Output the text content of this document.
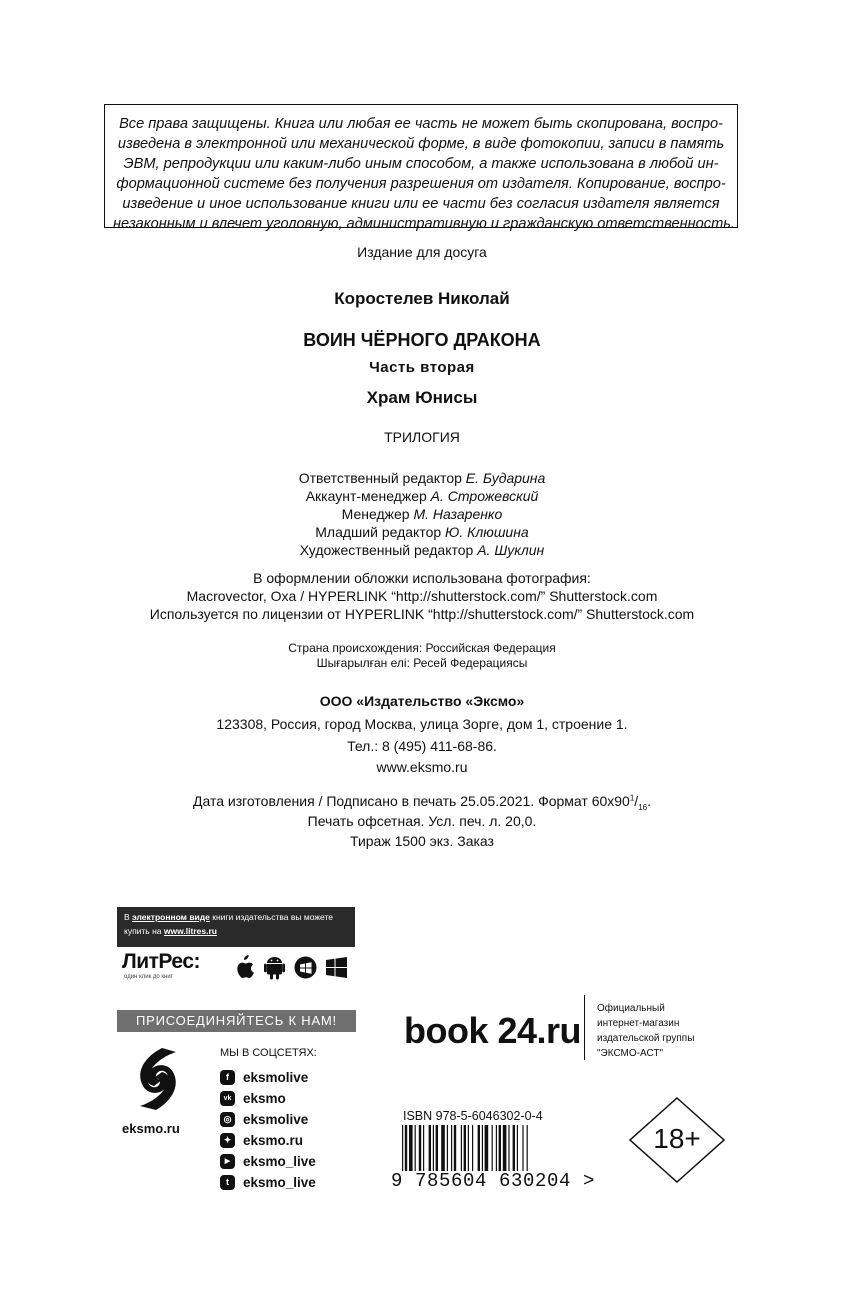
Все права защищены. Книга или любая ее часть не может быть скопирована, воспро-
изведена в электронной или механической форме, в виде фотокопии, записи в память
ЭВМ, репродукции или каким-либо иным способом, а также использована в любой ин-
формационной системе без получения разрешения от издателя. Копирование, воспро-
изведение и иное использование книги или ее части без согласия издателя является
незаконным и влечет уголовную, административную и гражданскую ответственность.
Издание для досуга
Коростелев Николай
ВОИН ЧЁРНОГО ДРАКОНА
Часть вторая
Храм Юнисы
ТРИЛОГИЯ
Ответственный редактор Е. Бударина
Аккаунт-менеджер А. Строжевский
Менеджер М. Назаренко
Младший редактор Ю. Клюшина
Художественный редактор А. Шуклин
В оформлении обложки использована фотография:
Macrovector, Oxa / HYPERLINK “http://shutterstock.com/” Shutterstock.com
Используется по лицензии от HYPERLINK “http://shutterstock.com/” Shutterstock.com
Страна происхождения: Российская Федерация
Шығарылған елі: Ресей Федерациясы
ООО «Издательство «Эксмо»
123308, Россия, город Москва, улица Зорге, дом 1, строение 1.
Тел.: 8 (495) 411-68-86.
www.eksmo.ru
Дата изготовления / Подписано в печать 25.05.2021. Формат $60х90^1/_{16}$.
Печать офсетная. Усл. печ. л. 20,0.
Тираж 1500 экз. Заказ
В электронном виде книги издательства вы можете
купить на www.litres.ru
ЛитРес:
один клик до книг
ПРИСОЕДИНЯЙТЕСЬ К НАМ!
eksmo.ru
МЫ В СОЦСЕТЯХ:
f	eksmolive
vk eksmo
◎ eksmolive
✦ eksmo.ru
▶ eksmo_live
t	eksmo_live
book 24.ru
Официальный
интернет-магазин
издательской группы
"ЭКСМО-АСТ"
ISBN 978-5-6046302-0-4
9 785604 630204 >
18+
